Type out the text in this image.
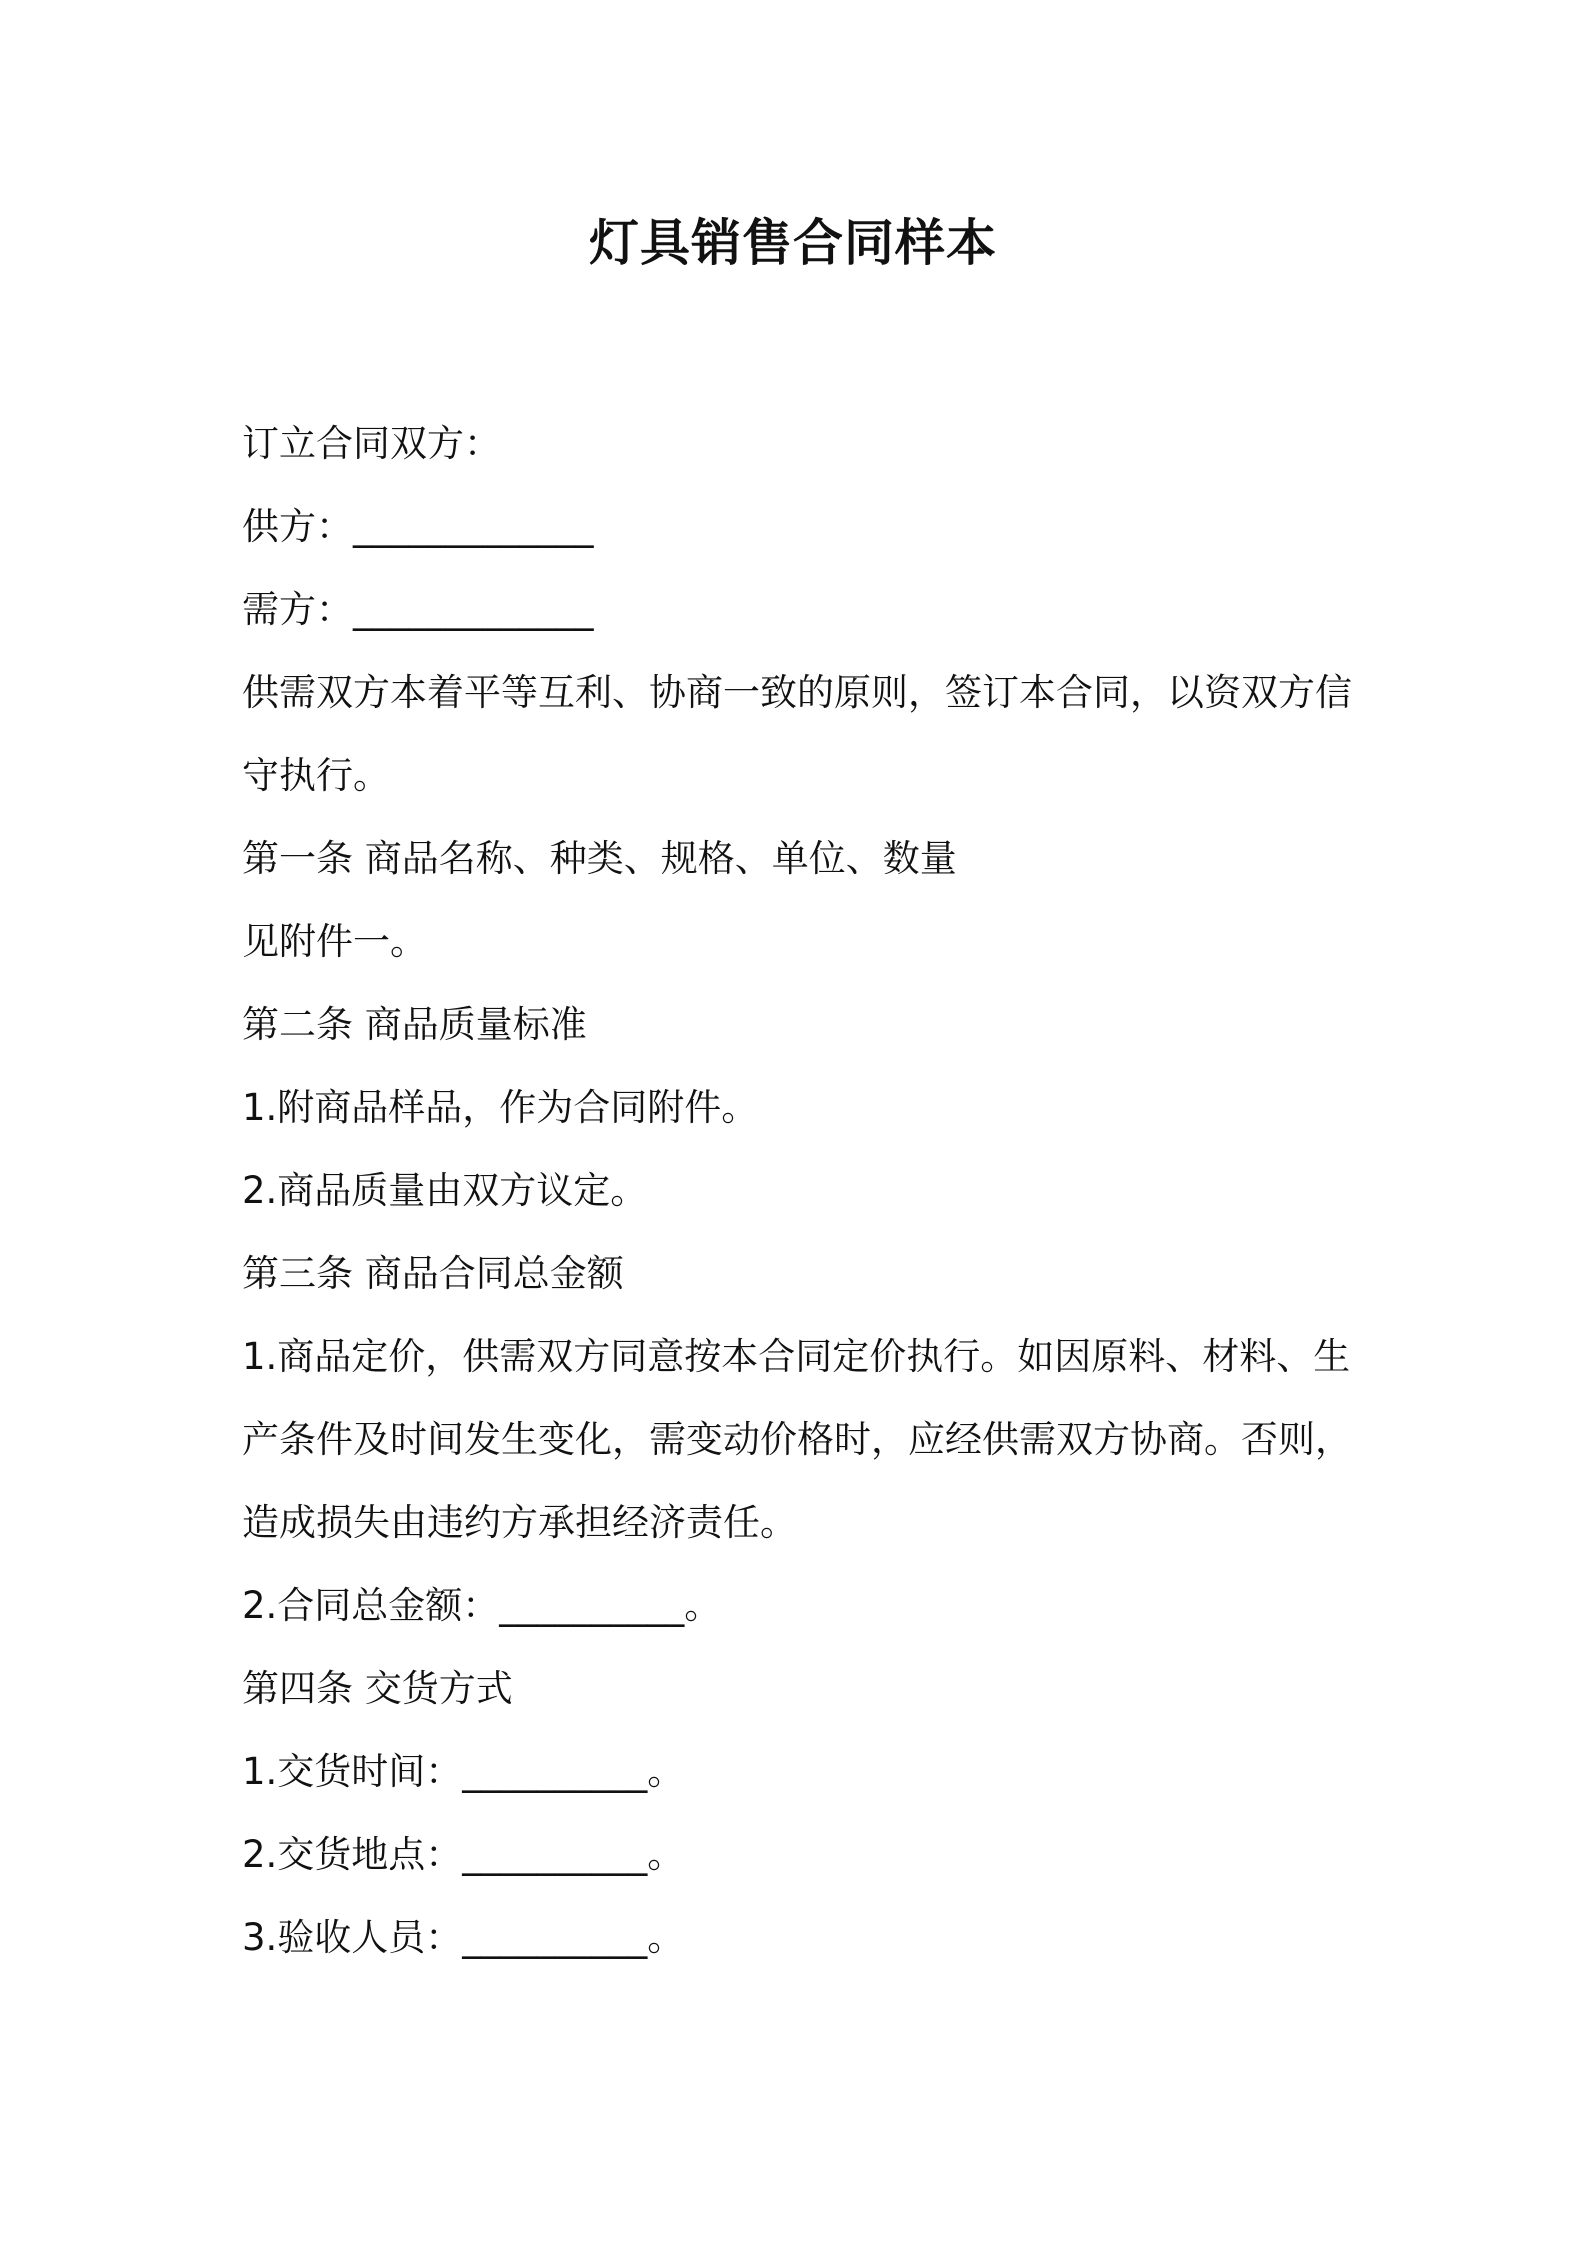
灯具销售合同样本

订立合同双方：

供方：_____________

需方：_____________

供需双方本着平等互利、协商一致的原则，签订本合同，以资双方信

守执行。

第一条 商品名称、种类、规格、单位、数量

见附件一。

第二条 商品质量标准

1.附商品样品，作为合同附件。

2.商品质量由双方议定。

第三条 商品合同总金额

1.商品定价，供需双方同意按本合同定价执行。如因原料、材料、生

产条件及时间发生变化，需变动价格时，应经供需双方协商。否则，

造成损失由违约方承担经济责任。

2.合同总金额：__________。

第四条 交货方式

1.交货时间：__________。

2.交货地点：__________。

3.验收人员：__________。
